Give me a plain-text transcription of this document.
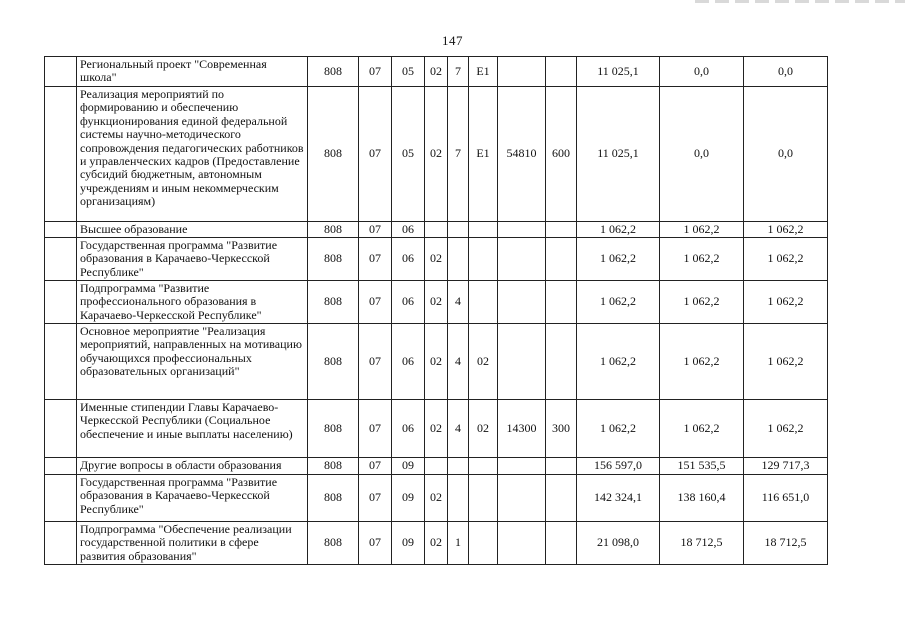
147
	Региональный проект "Современная школа"	808	07	05	02	7	E1			11 025,1	0,0	0,0
	Реализация мероприятий по формированию и обеспечению функционирования единой федеральной системы научно-методического сопровождения педагогических работников и управленческих кадров (Предоставление субсидий бюджетным, автономным учреждениям и иным некоммерческим организациям)	808	07	05	02	7	E1	54810	600	11 025,1	0,0	0,0
	Высшее образование	808	07	06						1 062,2	1 062,2	1 062,2
	Государственная программа "Развитие образования в Карачаево-Черкесской Республике"	808	07	06	02					1 062,2	1 062,2	1 062,2
	Подпрограмма "Развитие профессионального образования в Карачаево-Черкесской Республике"	808	07	06	02	4				1 062,2	1 062,2	1 062,2
	Основное мероприятие "Реализация мероприятий, направленных на мотивацию обучающихся профессиональных образовательных организаций"	808	07	06	02	4	02			1 062,2	1 062,2	1 062,2
	Именные стипендии Главы Карачаево-Черкесской Республики (Социальное обеспечение и иные выплаты населению)	808	07	06	02	4	02	14300	300	1 062,2	1 062,2	1 062,2
	Другие вопросы в области образования	808	07	09						156 597,0	151 535,5	129 717,3
	Государственная программа "Развитие образования в Карачаево-Черкесской Республике"	808	07	09	02					142 324,1	138 160,4	116 651,0
	Подпрограмма "Обеспечение реализации государственной политики в сфере развития образования"	808	07	09	02	1				21 098,0	18 712,5	18 712,5
